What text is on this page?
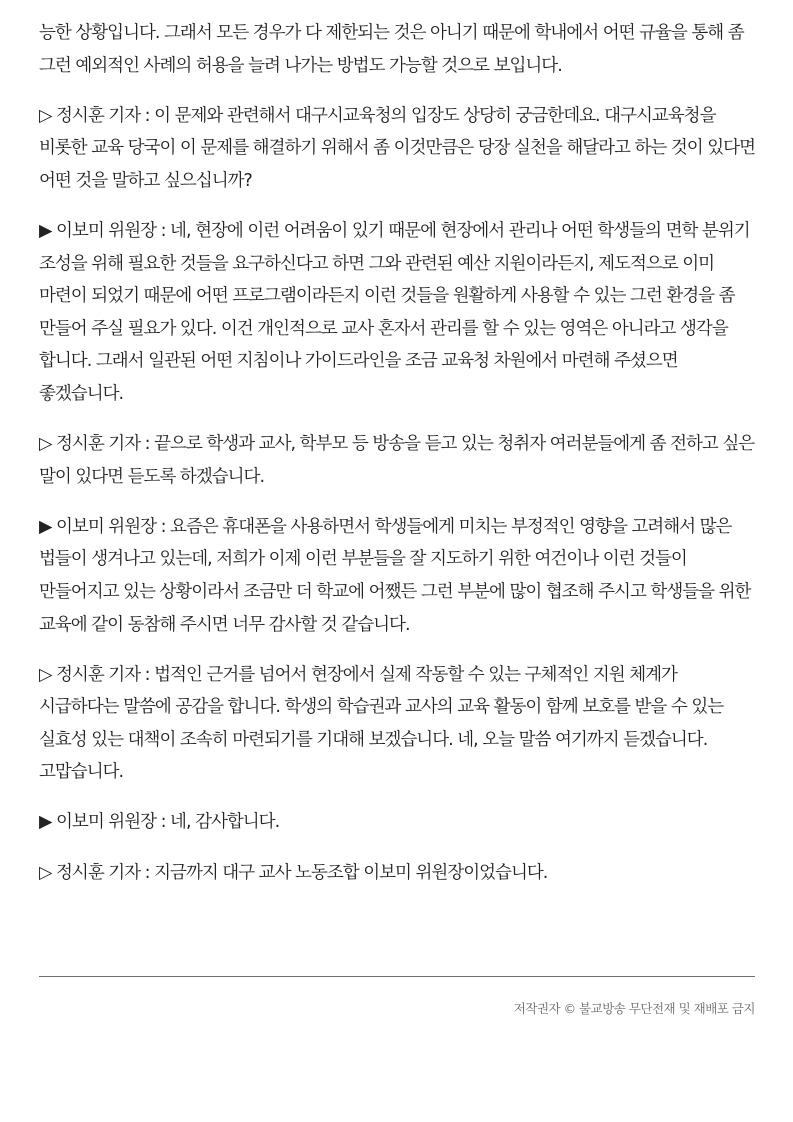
능한 상황입니다. 그래서 모든 경우가 다 제한되는 것은 아니기 때문에 학내에서 어떤 규율을 통해 좀 그런 예외적인 사례의 허용을 늘려 나가는 방법도 가능할 것으로 보입니다.

▷ 정시훈 기자 : 이 문제와 관련해서 대구시교육청의 입장도 상당히 궁금한데요. 대구시교육청을 비롯한 교육 당국이 이 문제를 해결하기 위해서 좀 이것만큼은 당장 실천을 해달라고 하는 것이 있다면 어떤 것을 말하고 싶으십니까?

▶ 이보미 위원장 : 네, 현장에 이런 어려움이 있기 때문에 현장에서 관리나 어떤 학생들의 면학 분위기 조성을 위해 필요한 것들을 요구하신다고 하면 그와 관련된 예산 지원이라든지, 제도적으로 이미 마련이 되었기 때문에 어떤 프로그램이라든지 이런 것들을 원활하게 사용할 수 있는 그런 환경을 좀 만들어 주실 필요가 있다. 이건 개인적으로 교사 혼자서 관리를 할 수 있는 영역은 아니라고 생각을 합니다. 그래서 일관된 어떤 지침이나 가이드라인을 조금 교육청 차원에서 마련해 주셨으면 좋겠습니다.

▷ 정시훈 기자 : 끝으로 학생과 교사, 학부모 등 방송을 듣고 있는 청취자 여러분들에게 좀 전하고 싶은 말이 있다면 듣도록 하겠습니다.

▶ 이보미 위원장 : 요즘은 휴대폰을 사용하면서 학생들에게 미치는 부정적인 영향을 고려해서 많은 법들이 생겨나고 있는데, 저희가 이제 이런 부분들을 잘 지도하기 위한 여건이나 이런 것들이 만들어지고 있는 상황이라서 조금만 더 학교에 어쨌든 그런 부분에 많이 협조해 주시고 학생들을 위한 교육에 같이 동참해 주시면 너무 감사할 것 같습니다.

▷ 정시훈 기자 : 법적인 근거를 넘어서 현장에서 실제 작동할 수 있는 구체적인 지원 체계가 시급하다는 말씀에 공감을 합니다. 학생의 학습권과 교사의 교육 활동이 함께 보호를 받을 수 있는 실효성 있는 대책이 조속히 마련되기를 기대해 보겠습니다. 네, 오늘 말씀 여기까지 듣겠습니다. 고맙습니다.

▶ 이보미 위원장 : 네, 감사합니다.

▷ 정시훈 기자 : 지금까지 대구 교사 노동조합 이보미 위원장이었습니다.

저작권자 © 불교방송 무단전재 및 재배포 금지
